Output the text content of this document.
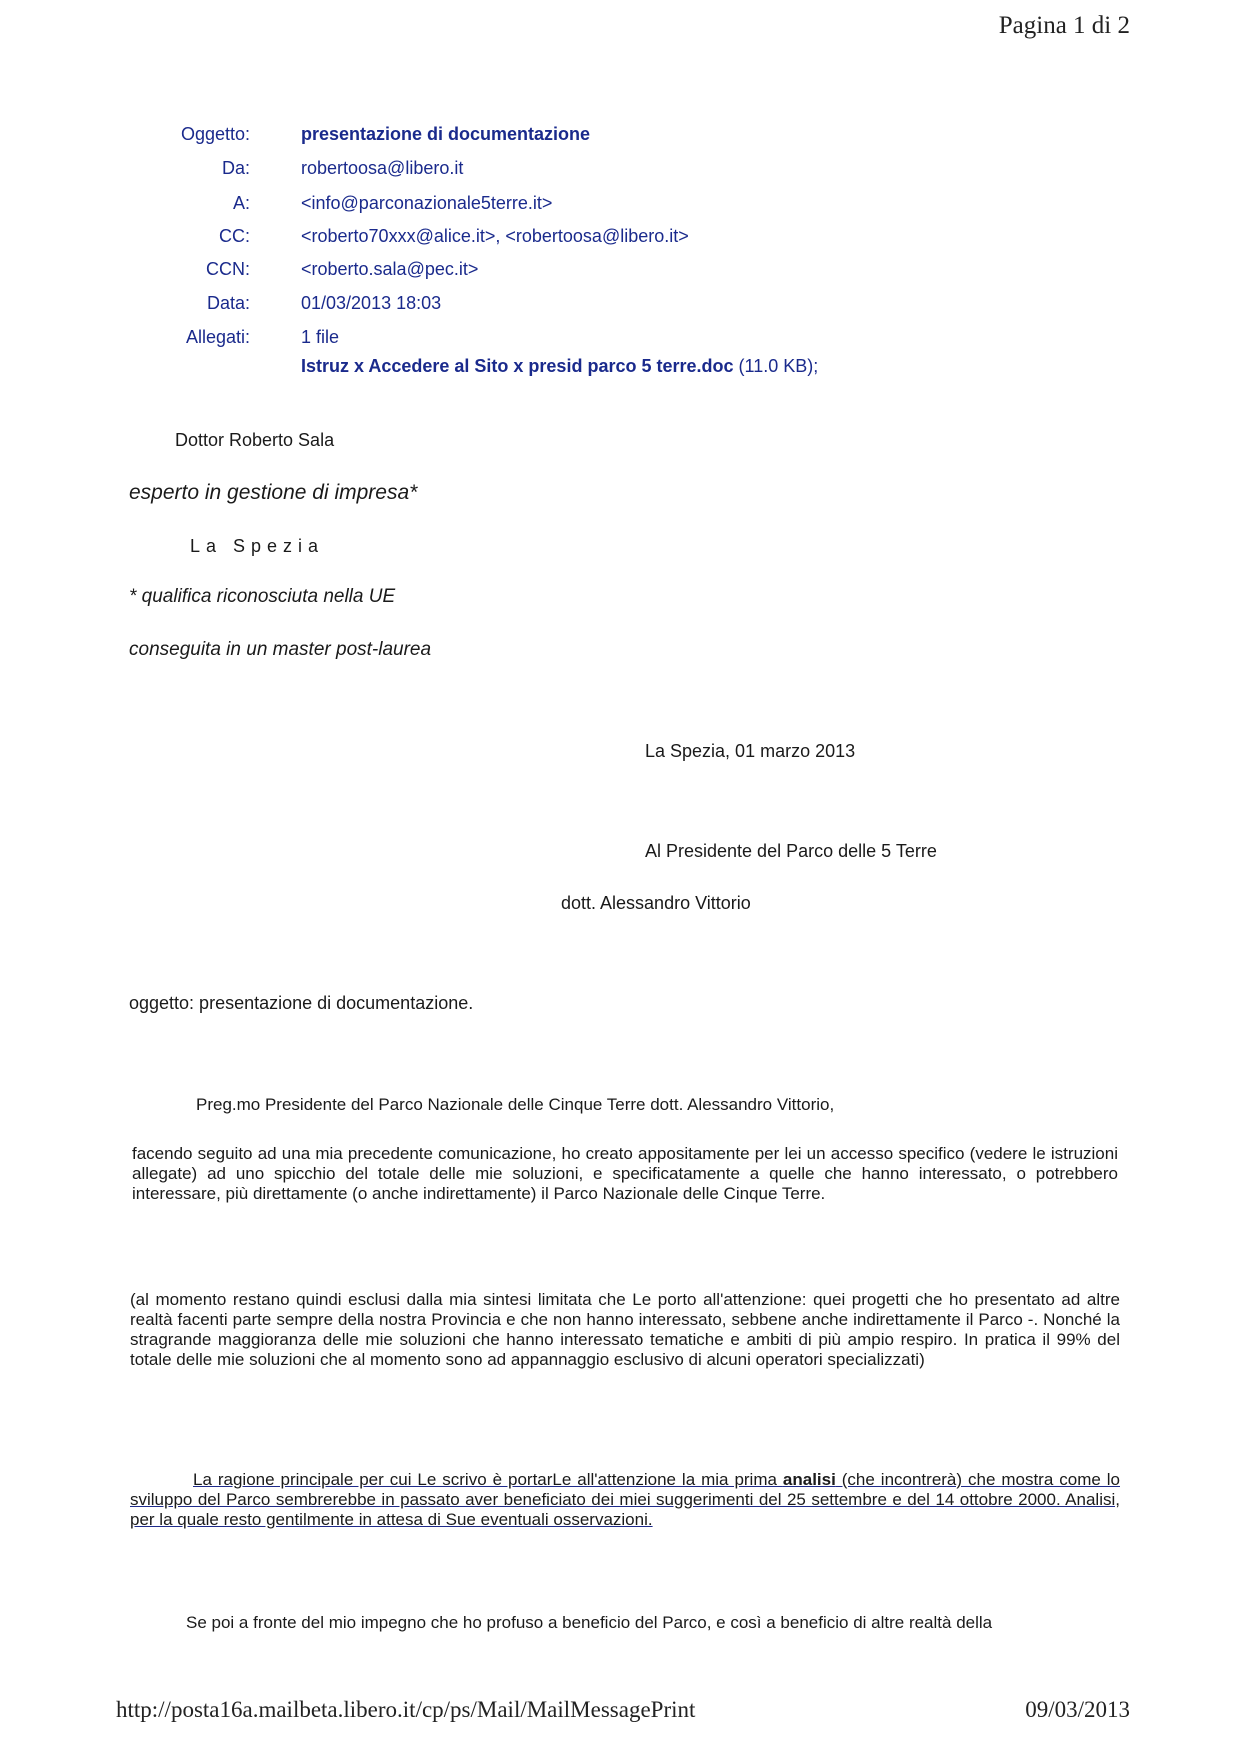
Pagina 1 di 2
Oggetto:	presentazione di documentazione
Da:	robertoosa@libero.it
A:	<info@parconazionale5terre.it>
CC:	<roberto70xxx@alice.it>, <robertoosa@libero.it>
CCN:	<roberto.sala@pec.it>
Data:	01/03/2013 18:03
Allegati:	1 file
Istruz x Accedere al Sito x presid parco 5 terre.doc (11.0 KB);
Dottor Roberto Sala
esperto in gestione di impresa*
La Spezia
* qualifica riconosciuta nella UE
conseguita in un master post-laurea
La Spezia, 01 marzo 2013
Al Presidente del Parco delle 5 Terre
dott. Alessandro Vittorio
oggetto: presentazione di documentazione.
Preg.mo Presidente del Parco Nazionale delle Cinque Terre dott. Alessandro Vittorio,
facendo seguito ad una mia precedente comunicazione, ho creato appositamente per lei un accesso specifico (vedere le istruzioni allegate) ad uno spicchio del totale delle mie soluzioni, e specificatamente a quelle che hanno interessato, o potrebbero interessare, più direttamente (o anche indirettamente) il Parco Nazionale delle Cinque Terre.
(al momento restano quindi esclusi dalla mia sintesi limitata che Le porto all'attenzione: quei progetti che ho presentato ad altre realtà facenti parte sempre della nostra Provincia e che non hanno interessato, sebbene anche indirettamente il Parco -. Nonché la stragrande maggioranza delle mie soluzioni che hanno interessato tematiche e ambiti di più ampio respiro. In pratica il 99% del totale delle mie soluzioni che al momento sono ad appannaggio esclusivo di alcuni operatori specializzati)
La ragione principale per cui Le scrivo è portarLe all'attenzione la mia prima analisi (che incontrerà) che mostra come lo sviluppo del Parco sembrerebbe in passato aver beneficiato dei miei suggerimenti del 25 settembre e del 14 ottobre 2000. Analisi, per la quale resto gentilmente in attesa di Sue eventuali osservazioni.
Se poi a fronte del mio impegno che ho profuso a beneficio del Parco, e così a beneficio di altre realtà della
http://posta16a.mailbeta.libero.it/cp/ps/Mail/MailMessagePrint	09/03/2013
